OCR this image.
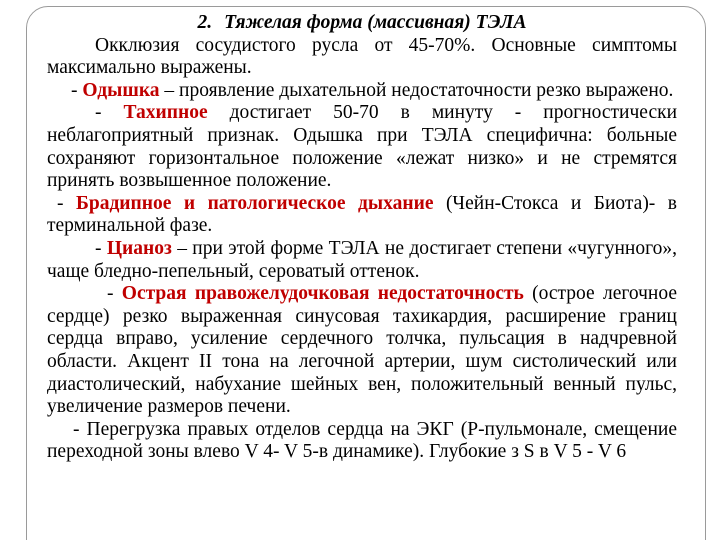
2. Тяжелая форма (массивная) ТЭЛА

Окклюзия сосудистого русла от 45-70%. Основные симптомы максимально выражены.

- Одышка – проявление дыхательной недостаточности резко выражено.

- Тахипное достигает 50-70 в минуту - прогностически неблагоприятный признак. Одышка при ТЭЛА специфична: больные сохраняют горизонтальное положение «лежат низко» и не стремятся принять возвышенное положение.

- Брадипное и патологическое дыхание (Чейн-Стокса и Биота)- в терминальной фазе.

- Цианоз – при этой форме ТЭЛА не достигает степени «чугунного», чаще бледно-пепельный, сероватый оттенок.

- Острая правожелудочковая недостаточность (острое легочное сердце) резко выраженная синусовая тахикардия, расширение границ сердца вправо, усиление сердечного толчка, пульсация в надчревной области. Акцент II тона на легочной артерии, шум систолический или диастолический, набухание шейных вен, положительный венный пульс, увеличение размеров печени.

- Перегрузка правых отделов сердца на ЭКГ (P-пульмонале, смещение переходной зоны влево V 4- V 5-в динамике). Глубокие з S в V 5 - V 6
